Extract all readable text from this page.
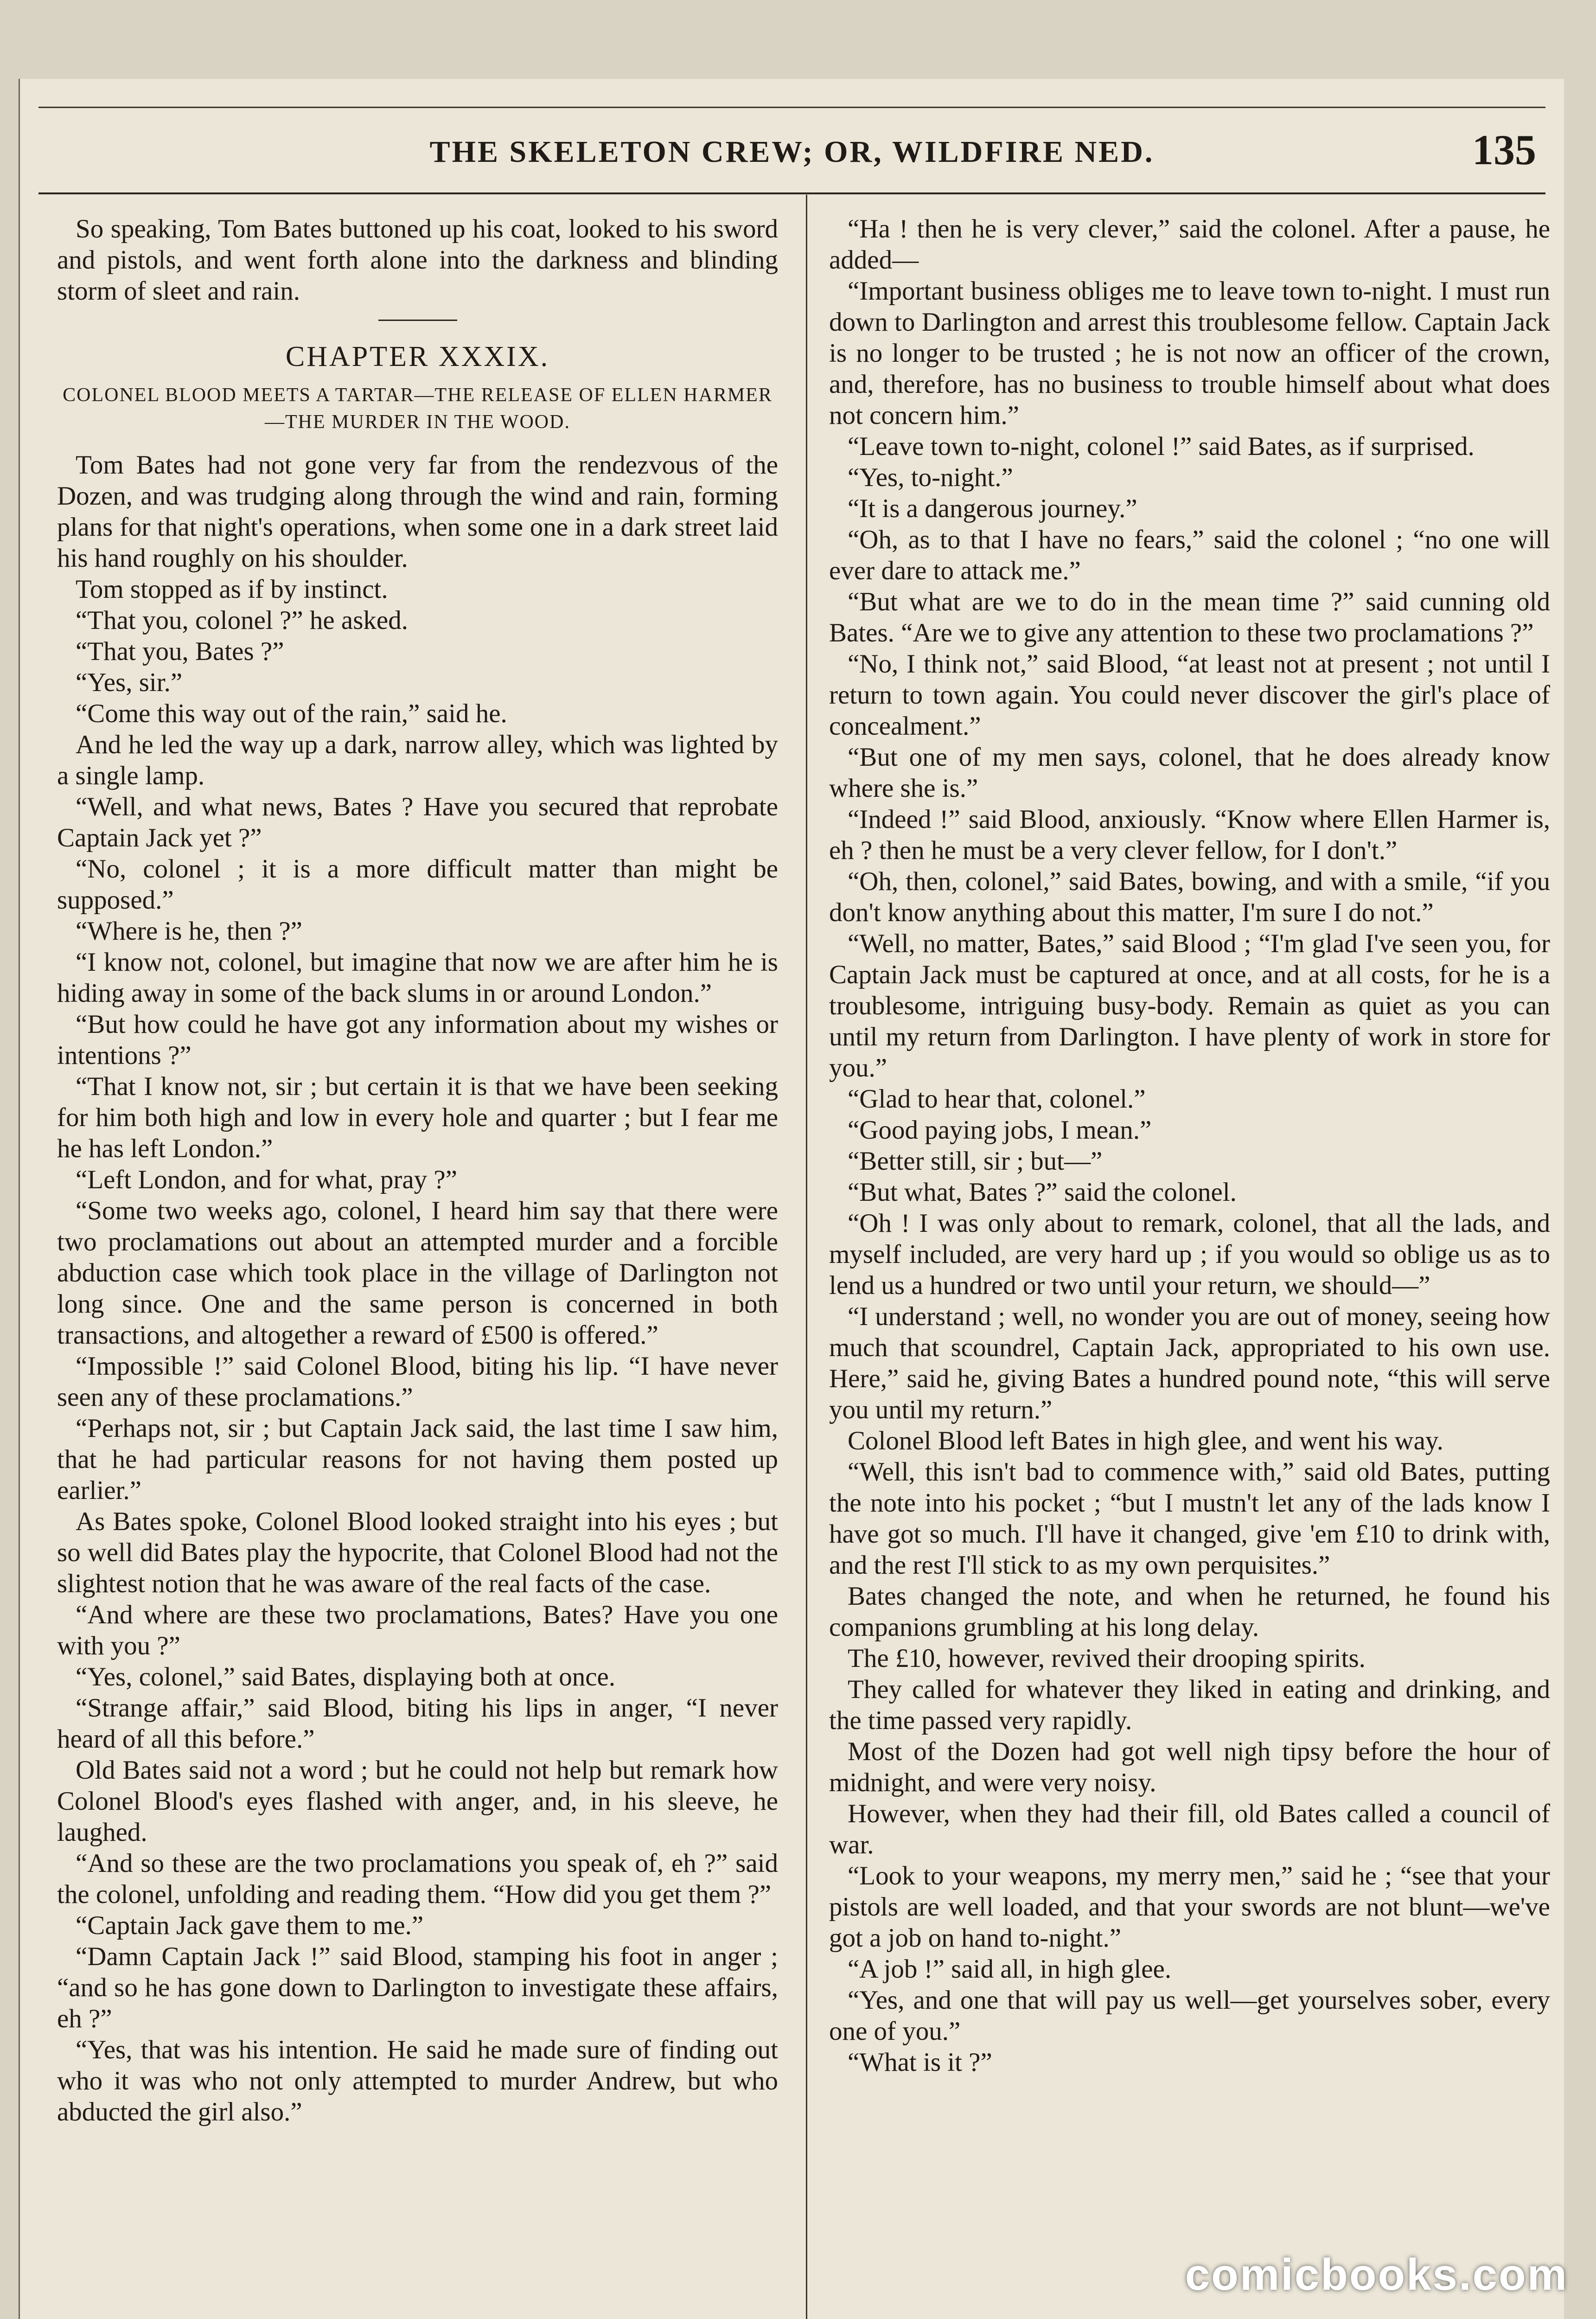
THE SKELETON CREW; OR, WILDFIRE NED.	135

So speaking, Tom Bates buttoned up his coat, looked to his sword and pistols, and went forth alone into the darkness and blinding storm of sleet and rain.

CHAPTER XXXIX.
COLONEL BLOOD MEETS A TARTAR—THE RELEASE OF ELLEN HARMER—THE MURDER IN THE WOOD.

Tom Bates had not gone very far from the rendezvous of the Dozen, and was trudging along through the wind and rain, forming plans for that night's operations, when some one in a dark street laid his hand roughly on his shoulder.

Tom stopped as if by instinct.

“That you, colonel ?” he asked.

“That you, Bates ?”

“Yes, sir.”

“Come this way out of the rain,” said he.

And he led the way up a dark, narrow alley, which was lighted by a single lamp.

“Well, and what news, Bates ? Have you secured that reprobate Captain Jack yet ?”

“No, colonel ; it is a more difficult matter than might be supposed.”

“Where is he, then ?”

“I know not, colonel, but imagine that now we are after him he is hiding away in some of the back slums in or around London.”

“But how could he have got any information about my wishes or intentions ?”

“That I know not, sir ; but certain it is that we have been seeking for him both high and low in every hole and quarter ; but I fear me he has left London.”

“Left London, and for what, pray ?”

“Some two weeks ago, colonel, I heard him say that there were two proclamations out about an attempted murder and a forcible abduction case which took place in the village of Darlington not long since. One and the same person is concerned in both transactions, and altogether a reward of £500 is offered.”

“Impossible !” said Colonel Blood, biting his lip. “I have never seen any of these proclamations.”

“Perhaps not, sir ; but Captain Jack said, the last time I saw him, that he had particular reasons for not having them posted up earlier.”

As Bates spoke, Colonel Blood looked straight into his eyes ; but so well did Bates play the hypocrite, that Colonel Blood had not the slightest notion that he was aware of the real facts of the case.

“And where are these two proclamations, Bates? Have you one with you ?”

“Yes, colonel,” said Bates, displaying both at once.

“Strange affair,” said Blood, biting his lips in anger, “I never heard of all this before.”

Old Bates said not a word ; but he could not help but remark how Colonel Blood's eyes flashed with anger, and, in his sleeve, he laughed.

“And so these are the two proclamations you speak of, eh ?” said the colonel, unfolding and reading them. “How did you get them ?”

“Captain Jack gave them to me.”

“Damn Captain Jack !” said Blood, stamping his foot in anger ; “and so he has gone down to Darlington to investigate these affairs, eh ?”

“Yes, that was his intention. He said he made sure of finding out who it was who not only attempted to murder Andrew, but who abducted the girl also.”

“Ha ! then he is very clever,” said the colonel. After a pause, he added—

“Important business obliges me to leave town to-night. I must run down to Darlington and arrest this troublesome fellow. Captain Jack is no longer to be trusted ; he is not now an officer of the crown, and, therefore, has no business to trouble himself about what does not concern him.”

“Leave town to-night, colonel !” said Bates, as if surprised.

“Yes, to-night.”

“It is a dangerous journey.”

“Oh, as to that I have no fears,” said the colonel ; “no one will ever dare to attack me.”

“But what are we to do in the mean time ?” said cunning old Bates. “Are we to give any attention to these two proclamations ?”

“No, I think not,” said Blood, “at least not at present ; not until I return to town again. You could never discover the girl's place of concealment.”

“But one of my men says, colonel, that he does already know where she is.”

“Indeed !” said Blood, anxiously. “Know where Ellen Harmer is, eh ? then he must be a very clever fellow, for I don't.”

“Oh, then, colonel,” said Bates, bowing, and with a smile, “if you don't know anything about this matter, I'm sure I do not.”

“Well, no matter, Bates,” said Blood ; “I'm glad I've seen you, for Captain Jack must be captured at once, and at all costs, for he is a troublesome, intriguing busy-body. Remain as quiet as you can until my return from Darlington. I have plenty of work in store for you.”

“Glad to hear that, colonel.”

“Good paying jobs, I mean.”

“Better still, sir ; but—”

“But what, Bates ?” said the colonel.

“Oh ! I was only about to remark, colonel, that all the lads, and myself included, are very hard up ; if you would so oblige us as to lend us a hundred or two until your return, we should—”

“I understand ; well, no wonder you are out of money, seeing how much that scoundrel, Captain Jack, appropriated to his own use. Here,” said he, giving Bates a hundred pound note, “this will serve you until my return.”

Colonel Blood left Bates in high glee, and went his way.

“Well, this isn't bad to commence with,” said old Bates, putting the note into his pocket ; “but I mustn't let any of the lads know I have got so much. I'll have it changed, give 'em £10 to drink with, and the rest I'll stick to as my own perquisites.”

Bates changed the note, and when he returned, he found his companions grumbling at his long delay.

The £10, however, revived their drooping spirits.

They called for whatever they liked in eating and drinking, and the time passed very rapidly.

Most of the Dozen had got well nigh tipsy before the hour of midnight, and were very noisy.

However, when they had their fill, old Bates called a council of war.

“Look to your weapons, my merry men,” said he ; “see that your pistols are well loaded, and that your swords are not blunt—we've got a job on hand to-night.”

“A job !” said all, in high glee.

“Yes, and one that will pay us well—get yourselves sober, every one of you.”

“What is it ?”

comicbooks.com
